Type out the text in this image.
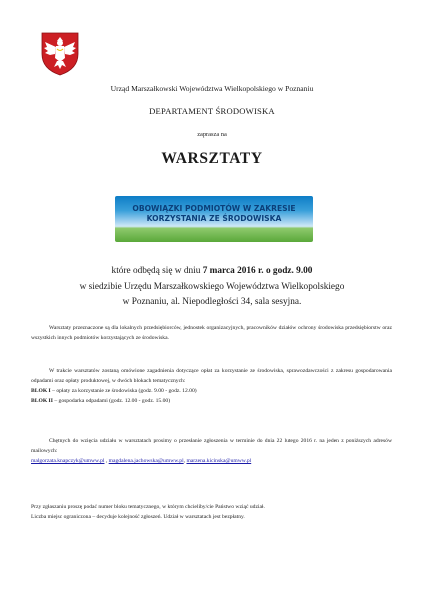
Urząd Marszałkowski Województwa Wielkopolskiego w Poznaniu
DEPARTAMENT ŚRODOWISKA
zaprasza na
WARSZTATY
OBOWIĄZKI PODMIOTÓW W ZAKRESIE
KORZYSTANIA ZE ŚRODOWISKA
które odbędą się w dniu 7 marca 2016 r. o godz. 9.00
w siedzibie Urzędu Marszałkowskiego Województwa Wielkopolskiego
w Poznaniu, al. Niepodległości 34, sala sesyjna.
Warsztaty przeznaczone są dla lokalnych przedsiębiorców, jednostek organizacyjnych, pracowników działów ochrony środowiska przedsiębiorstw oraz wszystkich innych podmiotów korzystających ze środowiska.
W trakcie warsztatów zostaną omówione zagadnienia dotyczące opłat za korzystanie ze środowiska, sprawozdawczości z zakresu gospodarowania odpadami oraz opłaty produktowej, w dwóch blokach tematycznych:
BLOK I – opłaty za korzystanie ze środowiska (godz. 9.00 - godz. 12.00)
BLOK II – gospodarka odpadami (godz. 12.00 - godz. 15.00)
Chętnych do wzięcia udziału w warsztatach prosimy o przesłanie zgłoszenia w terminie do dnia 22 lutego 2016 r. na jeden z poniższych adresów mailowych:
malgorzata.knapczyk@umww.pl , magdalena.jachowska@umww.pl, marzena.kicinska@umww.pl
Przy zgłaszaniu proszę podać numer bloku tematycznego, w którym chcieliby/cie Państwo wziąć udział.
Liczba miejsc ograniczona – decyduje kolejność zgłoszeń. Udział w warsztatach jest bezpłatny.
